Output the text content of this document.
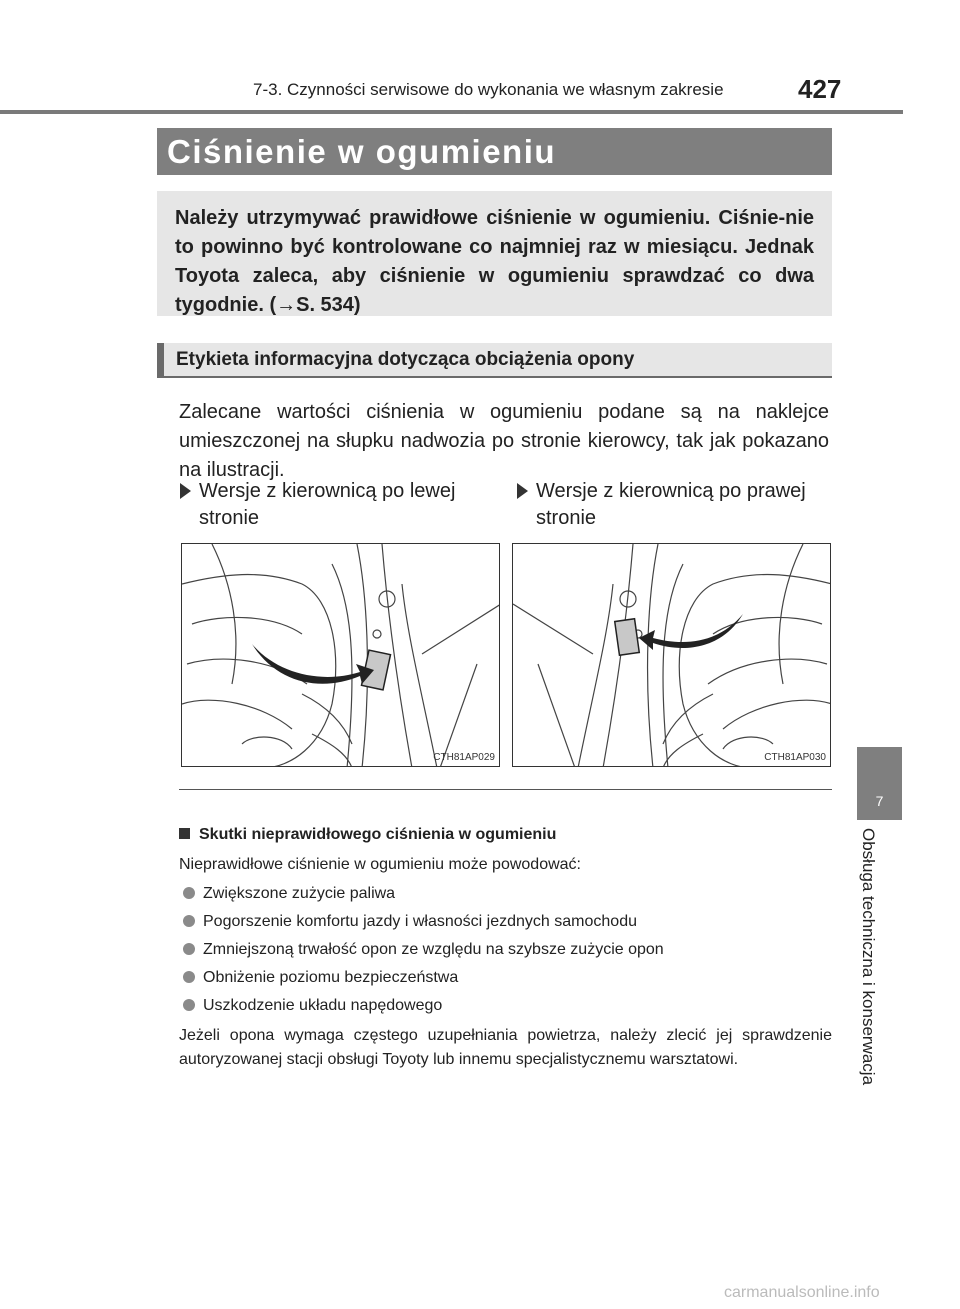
7-3. Czynności serwisowe do wykonania we własnym zakresie	427
Ciśnienie w ogumieniu
Należy utrzymywać prawidłowe ciśnienie w ogumieniu. Ciśnie-nie to powinno być kontrolowane co najmniej raz w miesiącu. Jednak Toyota zaleca, aby ciśnienie w ogumieniu sprawdzać co dwa tygodnie. (→S. 534)
Etykieta informacyjna dotycząca obciążenia opony
Zalecane wartości ciśnienia w ogumieniu podane są na naklejce umieszczonej na słupku nadwozia po stronie kierowcy, tak jak pokazano na ilustracji.
Wersje z kierownicą po lewej
stronie
Wersje z kierownicą po prawej
stronie
CTH81AP029	CTH81AP030
Skutki nieprawidłowego ciśnienia w ogumieniu
Nieprawidłowe ciśnienie w ogumieniu może powodować:
Zwiększone zużycie paliwa
Pogorszenie komfortu jazdy i własności jezdnych samochodu
Zmniejszoną trwałość opon ze względu na szybsze zużycie opon
Obniżenie poziomu bezpieczeństwa
Uszkodzenie układu napędowego
Jeżeli opona wymaga częstego uzupełniania powietrza, należy zlecić jej sprawdzenie autoryzowanej stacji obsługi Toyoty lub innemu specjalistycznemu warsztatowi.
7
Obsługa techniczna i konserwacja
carmanualsonline.info
